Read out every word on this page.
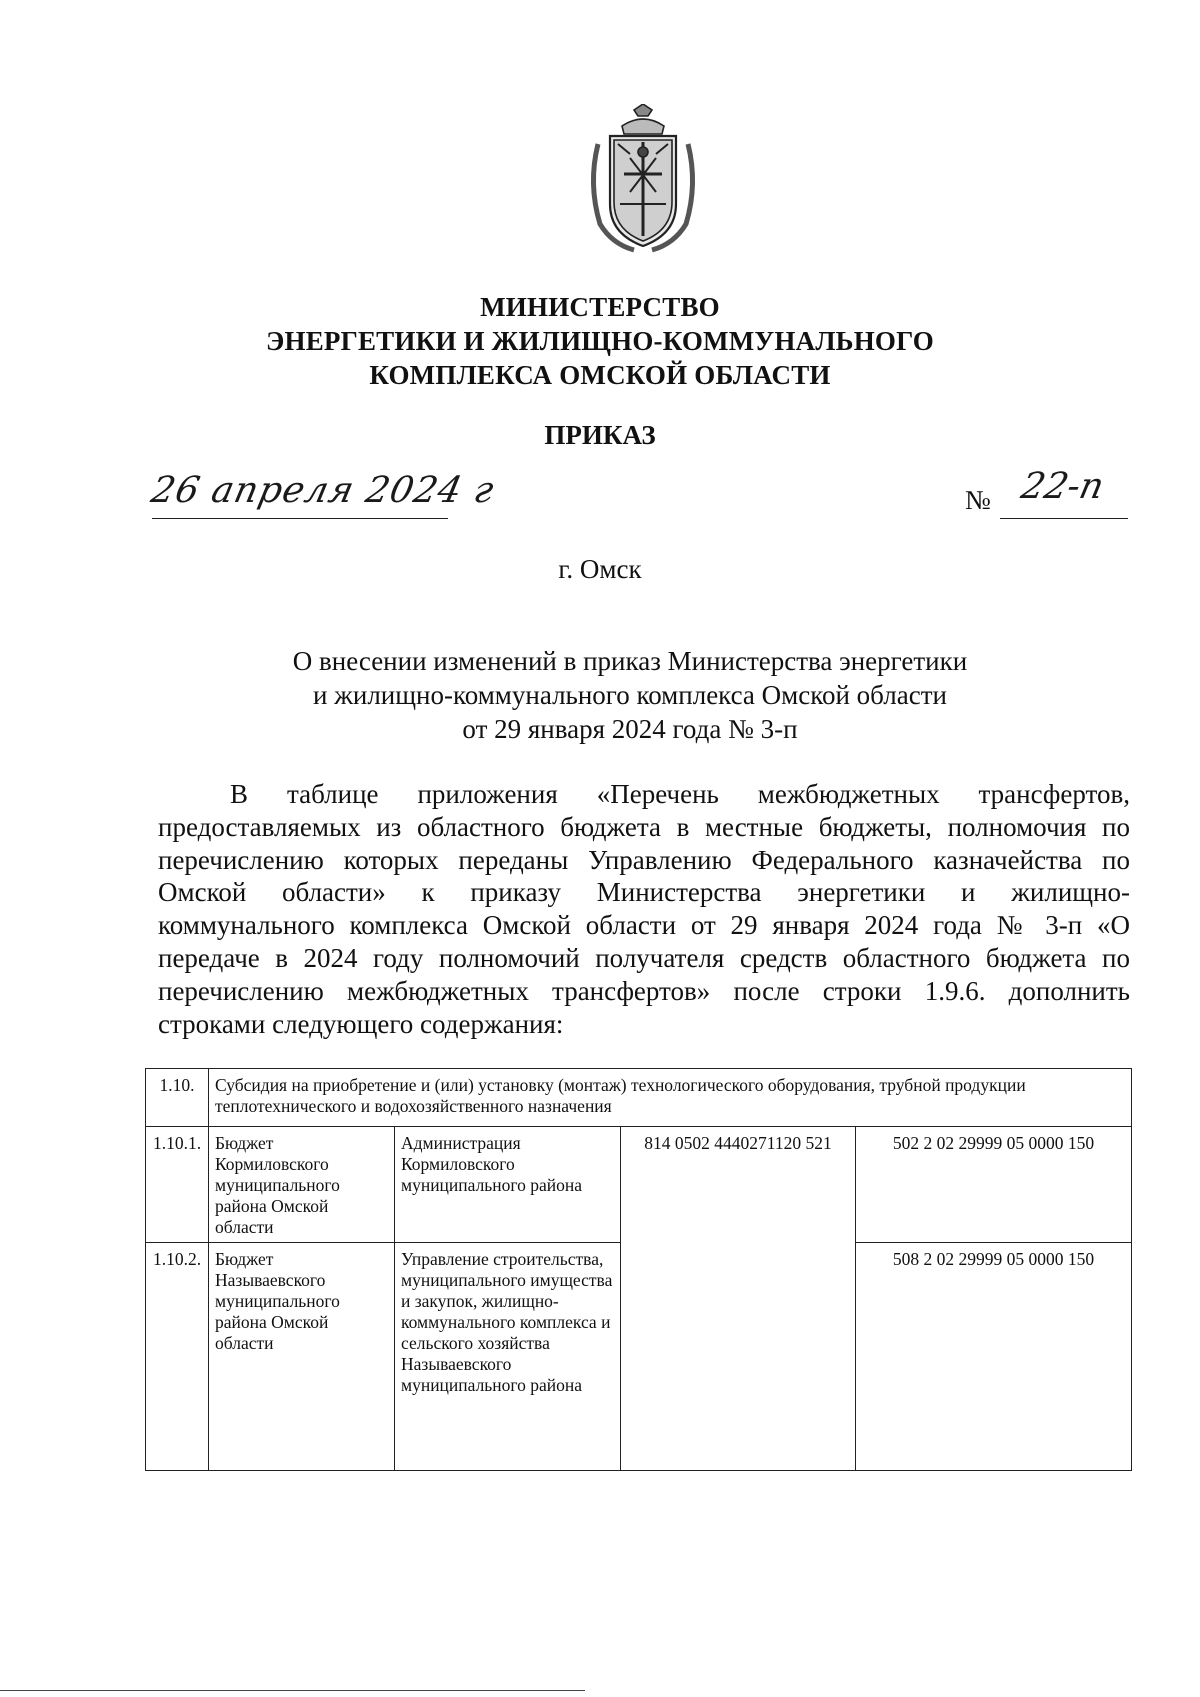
МИНИСТЕРСТВО
ЭНЕРГЕТИКИ И ЖИЛИЩНО-КОММУНАЛЬНОГО
КОМПЛЕКСА ОМСКОЙ ОБЛАСТИ
ПРИКАЗ
26 апреля 2024 г	№ 22-п
г. Омск
О внесении изменений в приказ Министерства энергетики
и жилищно-коммунального комплекса Омской области
от 29 января 2024 года № 3-п
В таблице приложения «Перечень межбюджетных трансфертов,
предоставляемых из областного бюджета в местные бюджеты, полномочия по
перечислению которых переданы Управлению Федерального казначейства по
Омской области» к приказу Министерства энергетики и жилищно-
коммунального комплекса Омской области от 29 января 2024 года № 3-п «О
передаче в 2024 году полномочий получателя средств областного бюджета по
перечислению межбюджетных трансфертов» после строки 1.9.6. дополнить
строками следующего содержания:
1.10.	Субсидия на приобретение и (или) установку (монтаж) технологического оборудования, трубной продукции теплотехнического и водохозяйственного назначения			
1.10.1.	Бюджет Кормиловского муниципального района Омской области	Администрация Кормиловского муниципального района	814 0502 4440271120 521	502 2 02 29999 05 0000 150
1.10.2.	Бюджет Называевского муниципального района Омской области	Управление строительства, муниципального имущества и закупок, жилищно-коммунального комплекса и сельского хозяйства Называевского муниципального района		508 2 02 29999 05 0000 150
